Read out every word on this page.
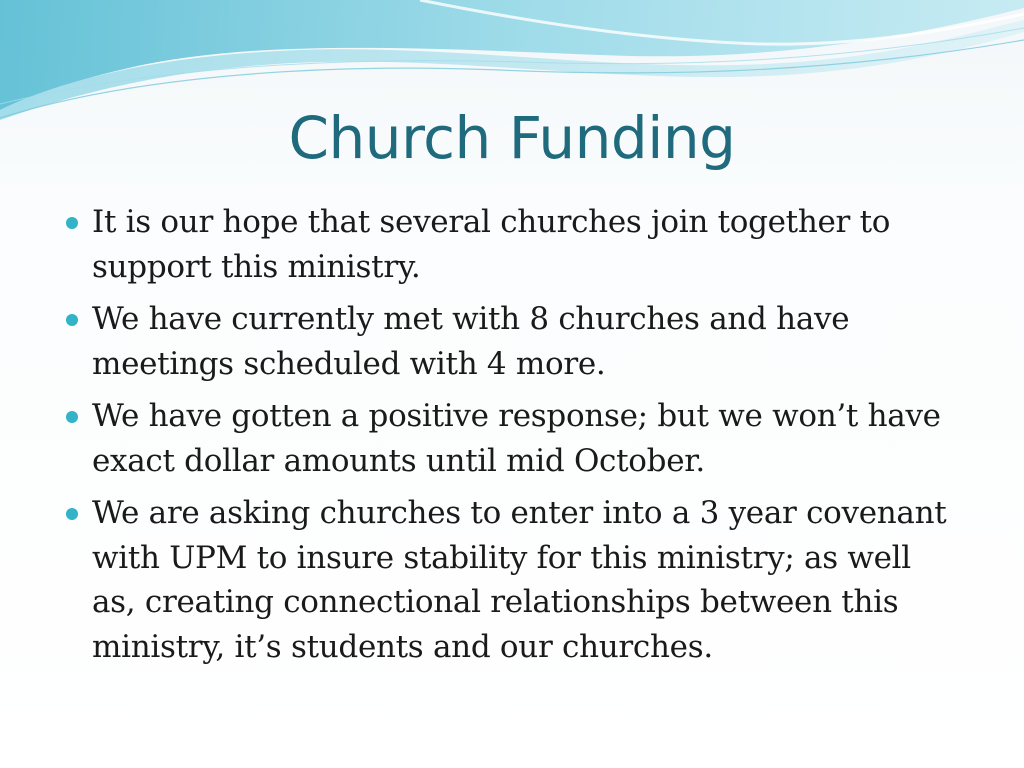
Church Funding
It is our hope that several churches join together to support this ministry.
We have currently met with 8 churches and have meetings scheduled with 4 more.
We have gotten a positive response; but we won’t have exact dollar amounts until mid October.
We are asking churches to enter into a 3 year covenant with UPM to insure stability for this ministry; as well as, creating connectional relationships between this ministry, it’s students and our churches.
